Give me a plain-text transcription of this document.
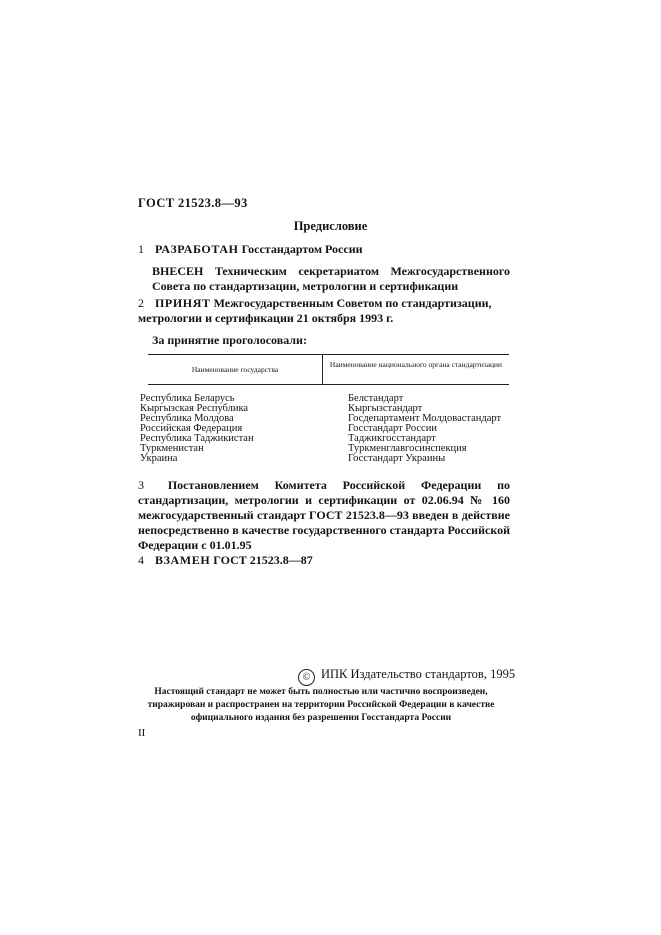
ГОСТ 21523.8—93
Предисловие
1 РАЗРАБОТАН Госстандартом России
ВНЕСЕН Техническим секретариатом Межгосударственного Совета по стандартизации, метрологии и сертификации
2 ПРИНЯТ Межгосударственным Советом по стандартизации, метрологии и сертификации 21 октября 1993 г.
За принятие проголосовали:
Наименование государства
Наименование национального органа стандартизации
Республика Беларусь
Кыргызская Республика
Республика Молдова
Российская Федерация
Республика Таджикистан
Туркменистан
Украина
Белстандарт
Кыргызстандарт
Госдепартамент Молдовастандарт
Госстандарт России
Таджикгосстандарт
Туркменглавгосинспекция
Госстандарт Украины
3 Постановлением Комитета Российской Федерации по стандартизации, метрологии и сертификации от 02.06.94 № 160 межгосударственный стандарт ГОСТ 21523.8—93 введен в действие непосредственно в качестве государственного стандарта Российской Федерации с 01.01.95
4 ВЗАМЕН ГОСТ 21523.8—87
© ИПК Издательство стандартов, 1995
Настоящий стандарт не может быть полностью или частично воспроизведен, тиражирован и распространен на территории Российской Федерации в качестве официального издания без разрешения Госстандарта России
II
